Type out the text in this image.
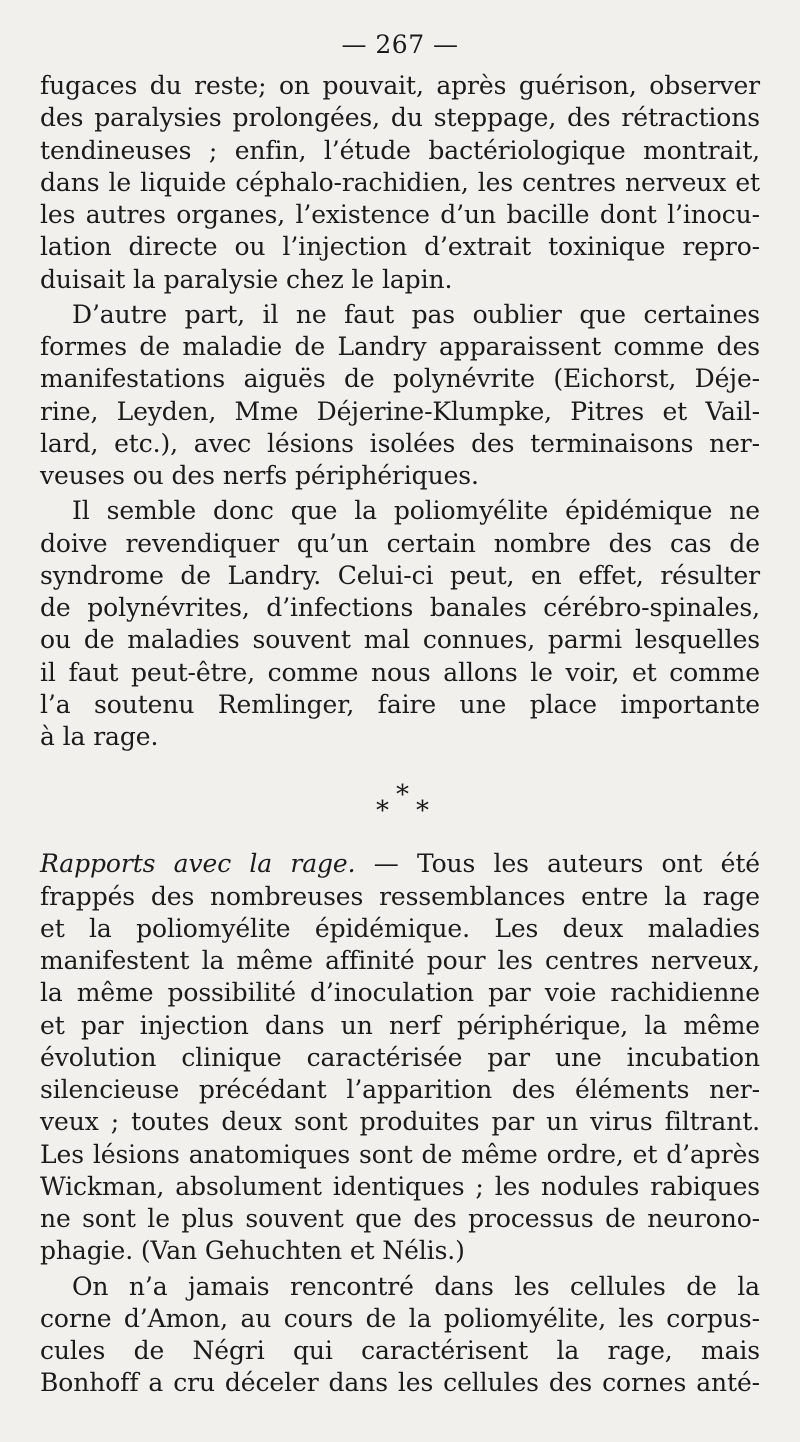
— 267 —
fugaces du reste; on pouvait, après guérison, observer
des paralysies prolongées, du steppage, des rétractions
tendineuses ; enfin, l’étude bactériologique montrait,
dans le liquide céphalo-rachidien, les centres nerveux et
les autres organes, l’existence d’un bacille dont l’inocu-
lation directe ou l’injection d’extrait toxinique repro-
duisait la paralysie chez le lapin.
D’autre part, il ne faut pas oublier que certaines
formes de maladie de Landry apparaissent comme des
manifestations aiguës de polynévrite (Eichorst, Déje-
rine, Leyden, Mme Déjerine-Klumpke, Pitres et Vail-
lard, etc.), avec lésions isolées des terminaisons ner-
veuses ou des nerfs périphériques.
Il semble donc que la poliomyélite épidémique ne
doive revendiquer qu’un certain nombre des cas de
syndrome de Landry. Celui-ci peut, en effet, résulter
de polynévrites, d’infections banales cérébro-spinales,
ou de maladies souvent mal connues, parmi lesquelles
il faut peut-être, comme nous allons le voir, et comme
l’a soutenu Remlinger, faire une place importante
à la rage.
*
* *
Rapports avec la rage. — Tous les auteurs ont été
frappés des nombreuses ressemblances entre la rage
et la poliomyélite épidémique. Les deux maladies
manifestent la même affinité pour les centres nerveux,
la même possibilité d’inoculation par voie rachidienne
et par injection dans un nerf périphérique, la même
évolution clinique caractérisée par une incubation
silencieuse précédant l’apparition des éléments ner-
veux ; toutes deux sont produites par un virus filtrant.
Les lésions anatomiques sont de même ordre, et d’après
Wickman, absolument identiques ; les nodules rabiques
ne sont le plus souvent que des processus de neurono-
phagie. (Van Gehuchten et Nélis.)
On n’a jamais rencontré dans les cellules de la
corne d’Amon, au cours de la poliomyélite, les corpus-
cules de Négri qui caractérisent la rage, mais
Bonhoff a cru déceler dans les cellules des cornes anté-
